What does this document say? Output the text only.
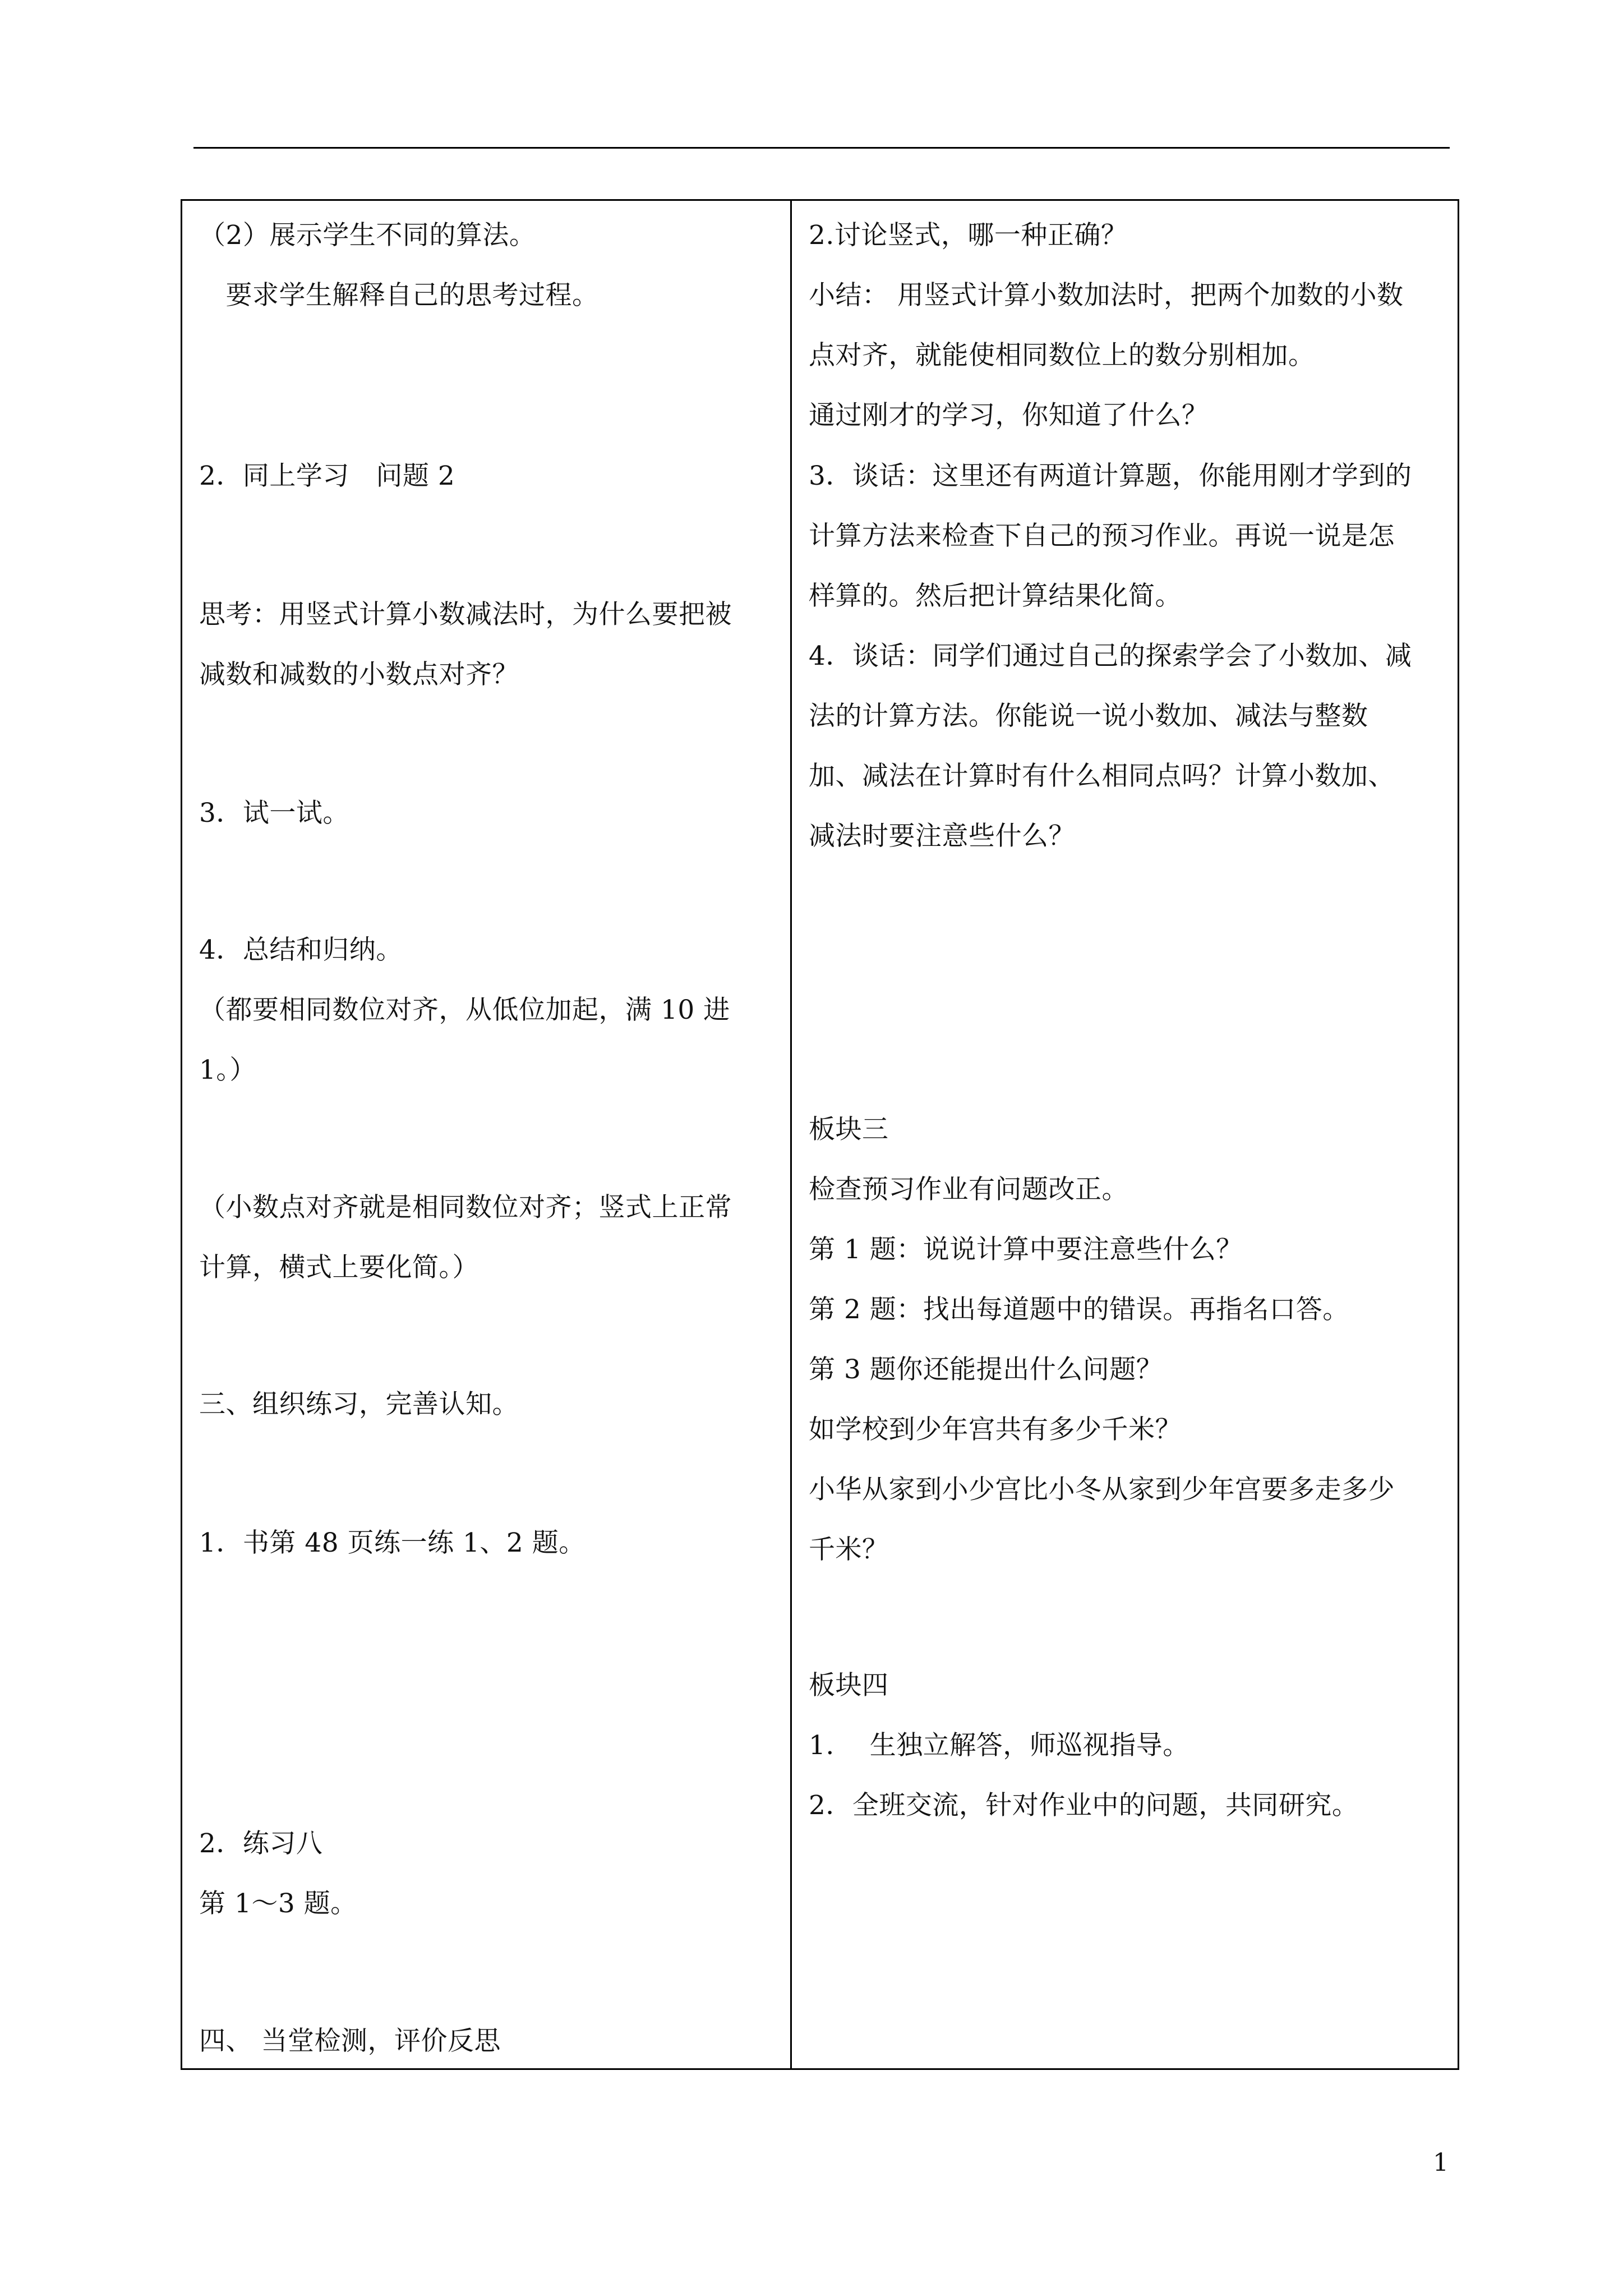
（2）展示学生不同的算法。
　要求学生解释自己的思考过程。
2．同上学习　问题 2
思考：用竖式计算小数减法时，为什么要把被
减数和减数的小数点对齐？
3．试一试。
4．总结和归纳。
（都要相同数位对齐，从低位加起，满 10 进
1。）
（小数点对齐就是相同数位对齐；竖式上正常
计算，横式上要化简。）
三、组织练习，完善认知。
1．书第 48 页练一练 1、2 题。
2．练习八
第 1～3 题。
四、 当堂检测，评价反思
2.讨论竖式，哪一种正确？
小结： 用竖式计算小数加法时，把两个加数的小数
点对齐，就能使相同数位上的数分别相加。
通过刚才的学习，你知道了什么？
3．谈话：这里还有两道计算题，你能用刚才学到的
计算方法来检查下自己的预习作业。再说一说是怎
样算的。然后把计算结果化简。
4．谈话：同学们通过自己的探索学会了小数加、减
法的计算方法。你能说一说小数加、减法与整数
加、减法在计算时有什么相同点吗？计算小数加、
减法时要注意些什么？
板块三
检查预习作业有问题改正。
第 1 题：说说计算中要注意些什么？
第 2 题：找出每道题中的错误。再指名口答。
第 3 题你还能提出什么问题？
如学校到少年宫共有多少千米？
小华从家到小少宫比小冬从家到少年宫要多走多少
千米？
板块四
1.　 生独立解答，师巡视指导。
2．全班交流，针对作业中的问题，共同研究。
1
